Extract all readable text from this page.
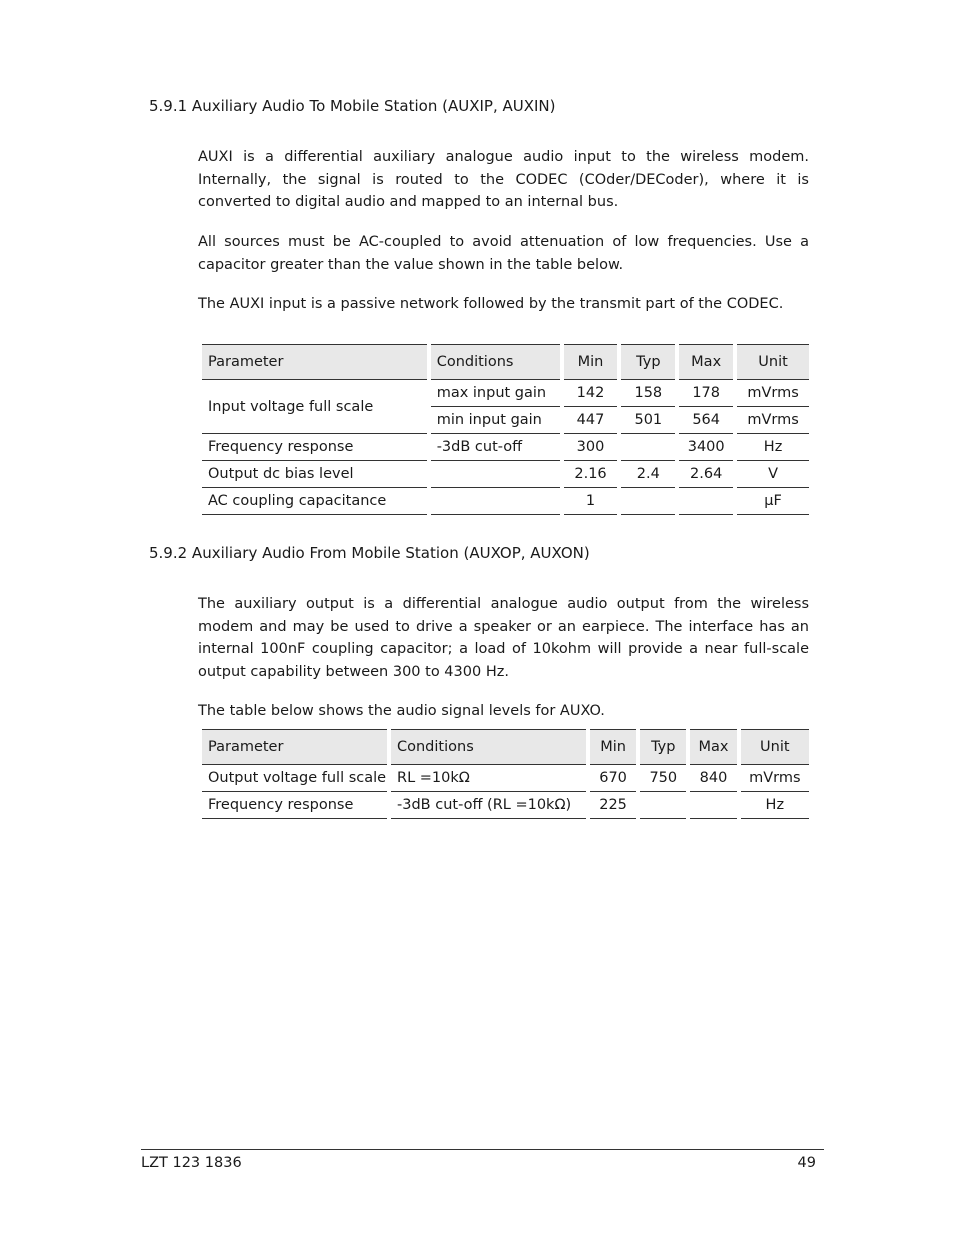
5.9.1 Auxiliary Audio To Mobile Station (AUXIP, AUXIN)

AUXI is a differential auxiliary analogue audio input to the wireless modem. Internally, the signal is routed to the CODEC (COder/DECoder), where it is converted to digital audio and mapped to an internal bus.

All sources must be AC-coupled to avoid attenuation of low frequencies. Use a capacitor greater than the value shown in the table below.

The AUXI input is a passive network followed by the transmit part of the CODEC.

Parameter	Conditions	Min	Typ	Max	Unit
Input voltage full scale	max input gain	142	158	178	mVrms
	min input gain	447	501	564	mVrms
Frequency response	-3dB cut-off	300		3400	Hz
Output dc bias level		2.16	2.4	2.64	V
AC coupling capacitance		1			µF
5.9.2 Auxiliary Audio From Mobile Station (AUXOP, AUXON)

The auxiliary output is a differential analogue audio output from the wireless modem and may be used to drive a speaker or an earpiece. The interface has an internal 100nF coupling capacitor; a load of 10kohm will provide a near full-scale output capability between 300 to 4300 Hz.

The table below shows the audio signal levels for AUXO.

Parameter	Conditions	Min	Typ	Max	Unit
Output voltage full scale	RL =10kΩ	670	750	840	mVrms
Frequency response	-3dB cut-off (RL =10kΩ)	225			Hz
LZT 123 1836	49
